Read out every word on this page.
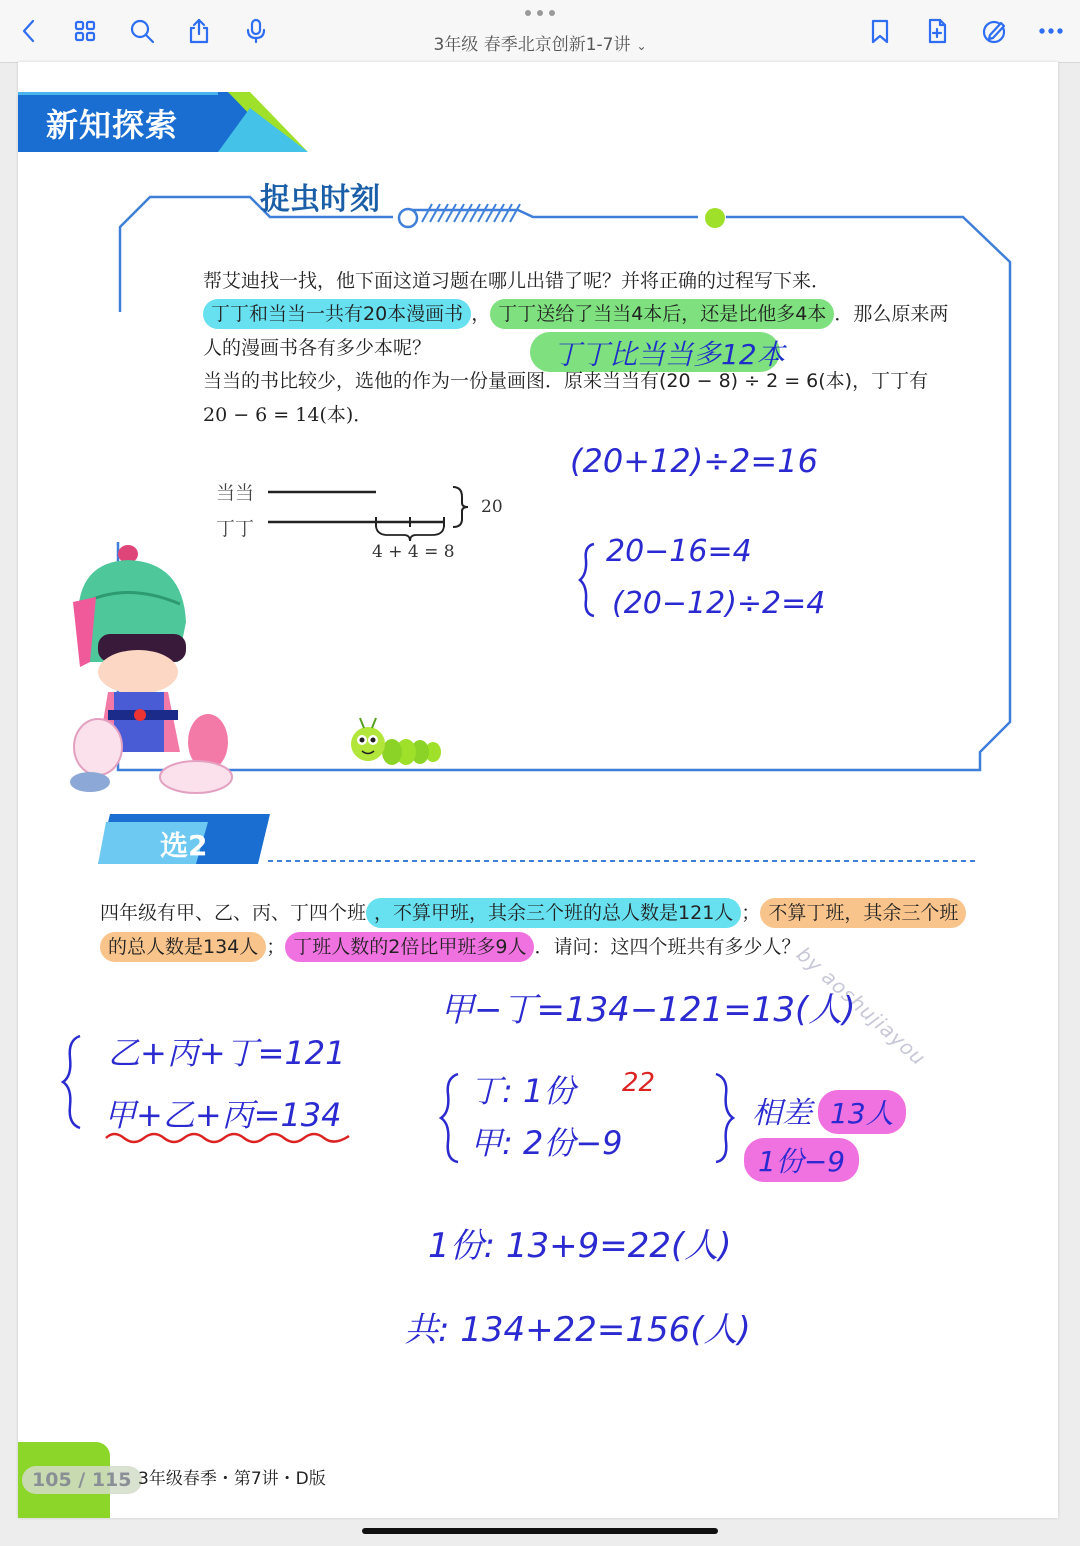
3年级 春季北京创新1-7讲 ⌄
新知探索
捉虫时刻
帮艾迪找一找，他下面这道习题在哪儿出错了呢？并将正确的过程写下来．
丁丁和当当一共有20本漫画书 ， 丁丁送给了当当4本后，还是比他多4本 ．那么原来两
人的漫画书各有多少本呢？	丁丁比当当多12本
当当的书比较少，选他的作为一份量画图．原来当当有(20 − 8) ÷ 2 = 6(本)，丁丁有
20 − 6 = 14(本)．
当当
丁丁
20
4 + 4 = 8
(20+12)÷2=16
20−16=4
(20−12)÷2=4
选2
四年级有甲、乙、丙、丁四个班 ，不算甲班，其余三个班的总人数是121人 ； 不算丁班，其余三个班
的总人数是134人 ； 丁班人数的2倍比甲班多9人 ．请问：这四个班共有多少人？
by aoshujiayou
乙+丙+丁=121
甲+乙+丙=134
甲−丁=134−121=13(人)
丁: 1份 22
甲: 2份−9
相差 13人
1份−9
1份: 13+9=22(人)
共: 134+22=156(人)
105 / 115 3年级春季・第7讲・D版
